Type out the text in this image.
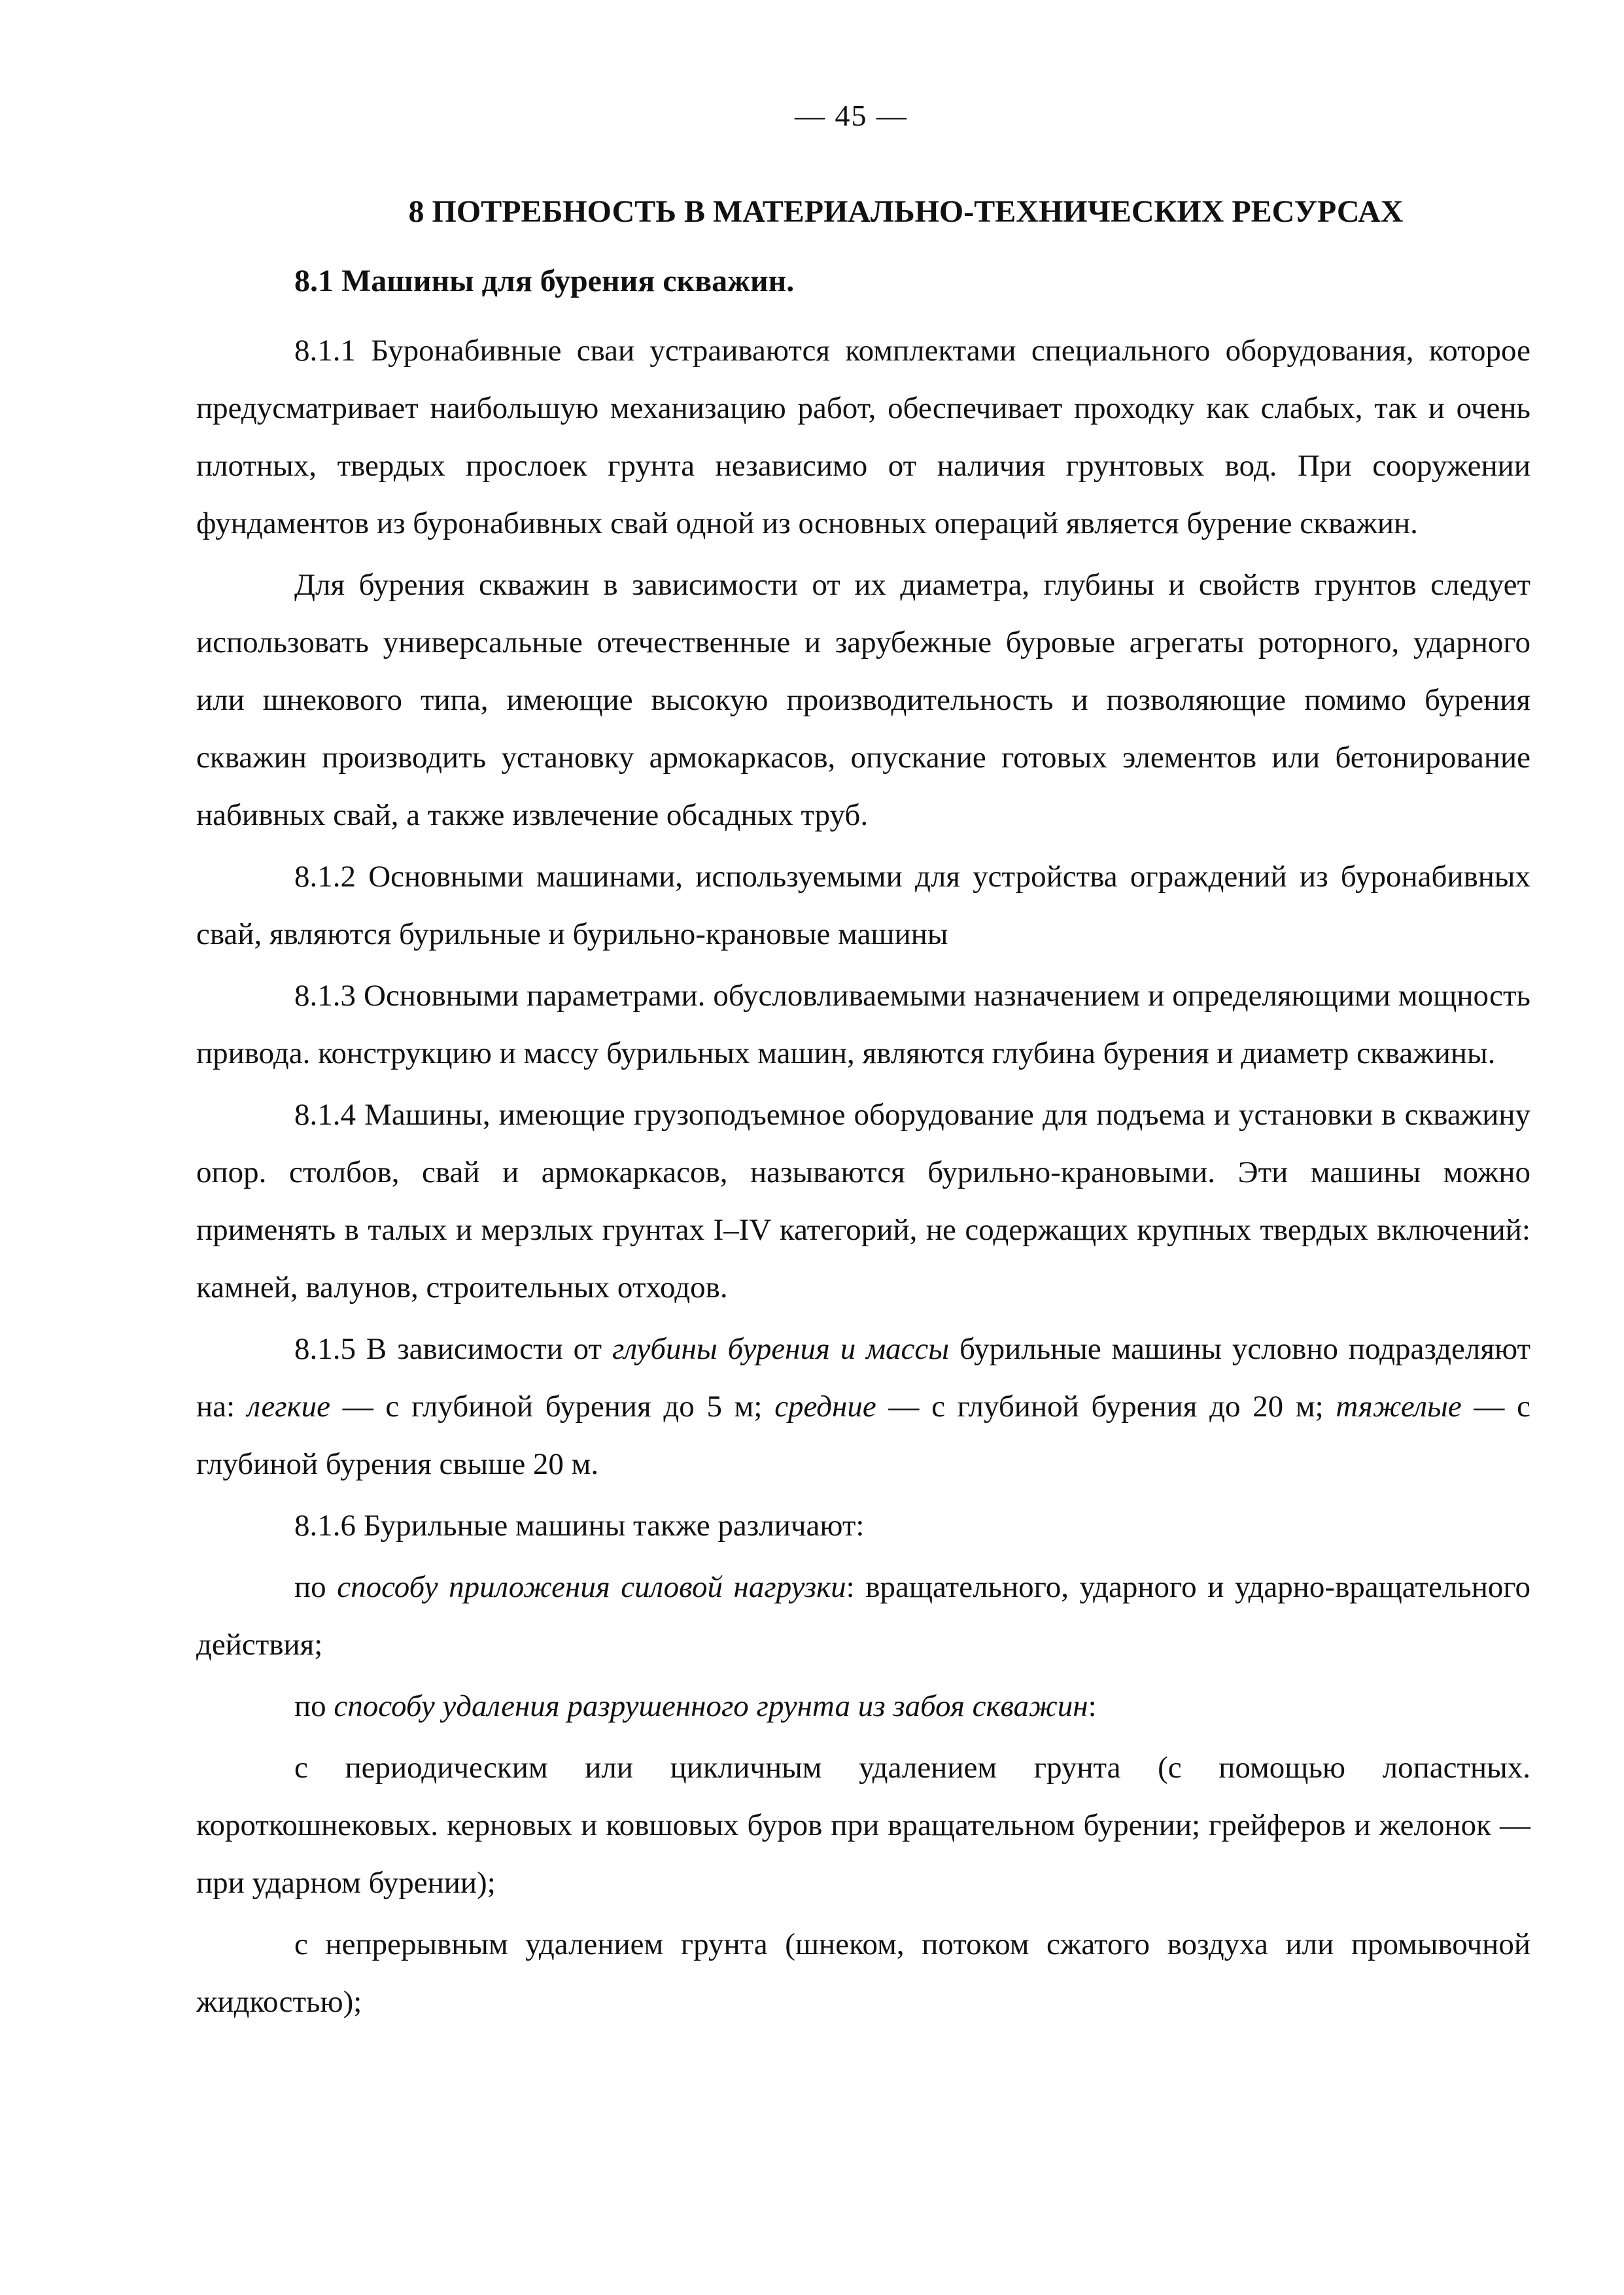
— 45 —
8 ПОТРЕБНОСТЬ В МАТЕРИАЛЬНО-ТЕХНИЧЕСКИХ РЕСУРСАХ
8.1 Машины для бурения скважин.

8.1.1 Буронабивные сваи устраиваются комплектами специального оборудования, которое предусматривает наибольшую механизацию работ, обеспечивает проходку как слабых, так и очень плотных, твердых прослоек грунта независимо от наличия грунтовых вод. При сооружении фундаментов из буронабивных свай одной из основных операций является бурение скважин.

Для бурения скважин в зависимости от их диаметра, глубины и свойств грунтов следует использовать универсальные отечественные и зарубежные буровые агрегаты роторного, ударного или шнекового типа, имеющие высокую производительность и позволяющие помимо бурения скважин производить установку армокаркасов, опускание готовых элементов или бетонирование набивных свай, а также извлечение обсадных труб.

8.1.2 Основными машинами, используемыми для устройства ограждений из буронабивных свай, являются бурильные и бурильно-крановые машины

8.1.3 Основными параметрами. обусловливаемыми назначением и определяющими мощность привода. конструкцию и массу бурильных машин, являются глубина бурения и диаметр скважины.

8.1.4 Машины, имеющие грузоподъемное оборудование для подъема и установки в скважину опор. столбов, свай и армокаркасов, называются бурильно-крановыми. Эти машины можно применять в талых и мерзлых грунтах I–IV категорий, не содержащих крупных твердых включений: камней, валунов, строительных отходов.

8.1.5 В зависимости от глубины бурения и массы бурильные машины условно подразделяют на: легкие — с глубиной бурения до 5 м; средние — с глубиной бурения до 20 м; тяжелые — с глубиной бурения свыше 20 м.

8.1.6 Бурильные машины также различают:

по способу приложения силовой нагрузки: вращательного, ударного и ударно-вращательного действия;

по способу удаления разрушенного грунта из забоя скважин:

с периодическим или цикличным удалением грунта (с помощью лопастных. короткошнековых. керновых и ковшовых буров при вращательном бурении; грейферов и желонок — при ударном бурении);

с непрерывным удалением грунта (шнеком, потоком сжатого воздуха или промывочной жидкостью);
